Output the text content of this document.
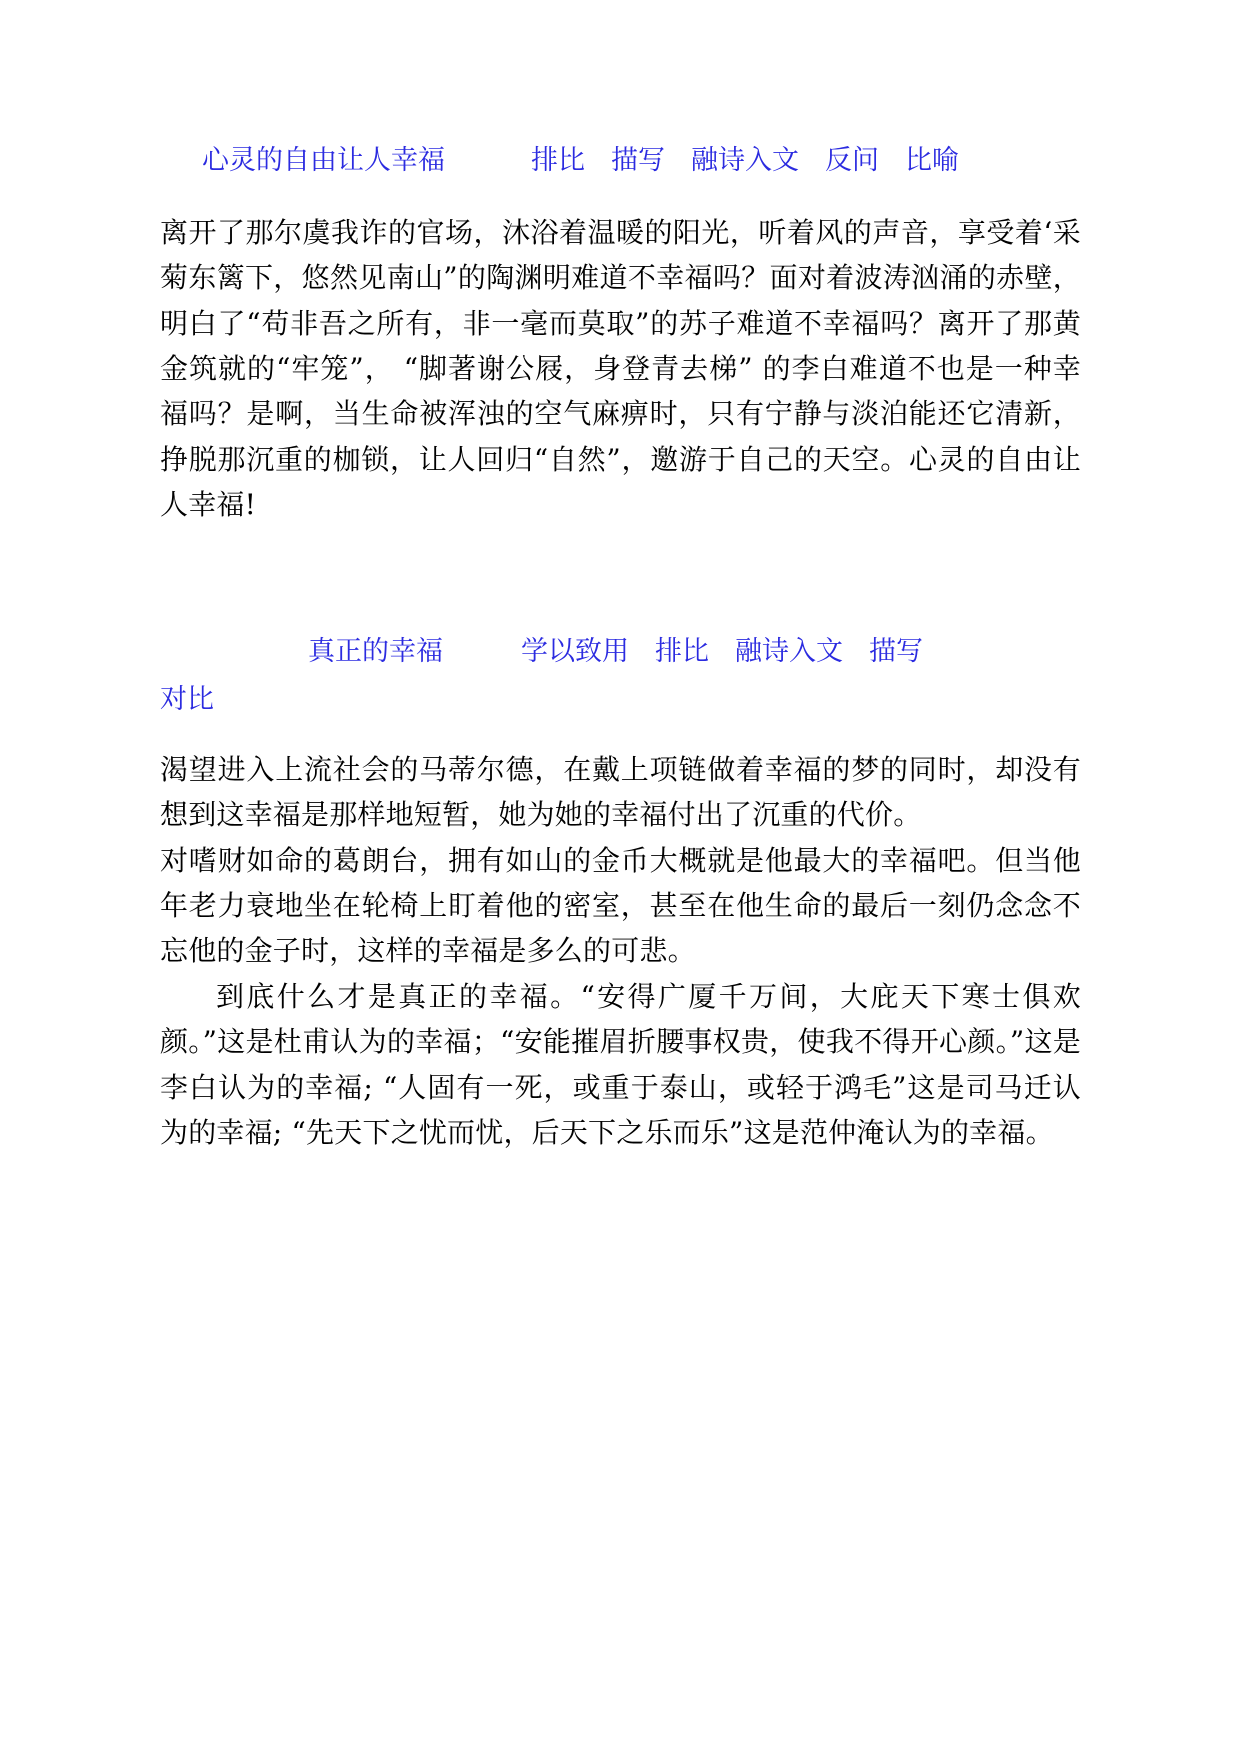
心灵的自由让人幸福	排比 描写 融诗入文 反问 比喻

离开了那尔虞我诈的官场，沐浴着温暖的阳光，听着风的声音，享受着‘采菊东篱下，悠然见南山”的陶渊明难道不幸福吗？面对着波涛汹涌的赤壁，明白了“苟非吾之所有，非一毫而莫取”的苏子难道不幸福吗？离开了那黄金筑就的“牢笼”， “脚著谢公屐，身登青去梯” 的李白难道不也是一种幸福吗？是啊，当生命被浑浊的空气麻痹时，只有宁静与淡泊能还它清新，挣脱那沉重的枷锁，让人回归“自然”，邀游于自己的天空。心灵的自由让人幸福!

真正的幸福	学以致用 排比 融诗入文 描写
对比

渴望进入上流社会的马蒂尔德，在戴上项链做着幸福的梦的同时，却没有想到这幸福是那样地短暂，她为她的幸福付出了沉重的代价。

对嗜财如命的葛朗台，拥有如山的金币大概就是他最大的幸福吧。但当他年老力衰地坐在轮椅上盯着他的密室，甚至在他生命的最后一刻仍念念不忘他的金子时，这样的幸福是多么的可悲。

到底什么才是真正的幸福。“安得广厦千万间，大庇天下寒士俱欢颜。”这是杜甫认为的幸福；“安能摧眉折腰事权贵，使我不得开心颜。”这是李白认为的幸福; “人固有一死，或重于泰山，或轻于鸿毛”这是司马迁认为的幸福; “先天下之忧而忧，后天下之乐而乐”这是范仲淹认为的幸福。
